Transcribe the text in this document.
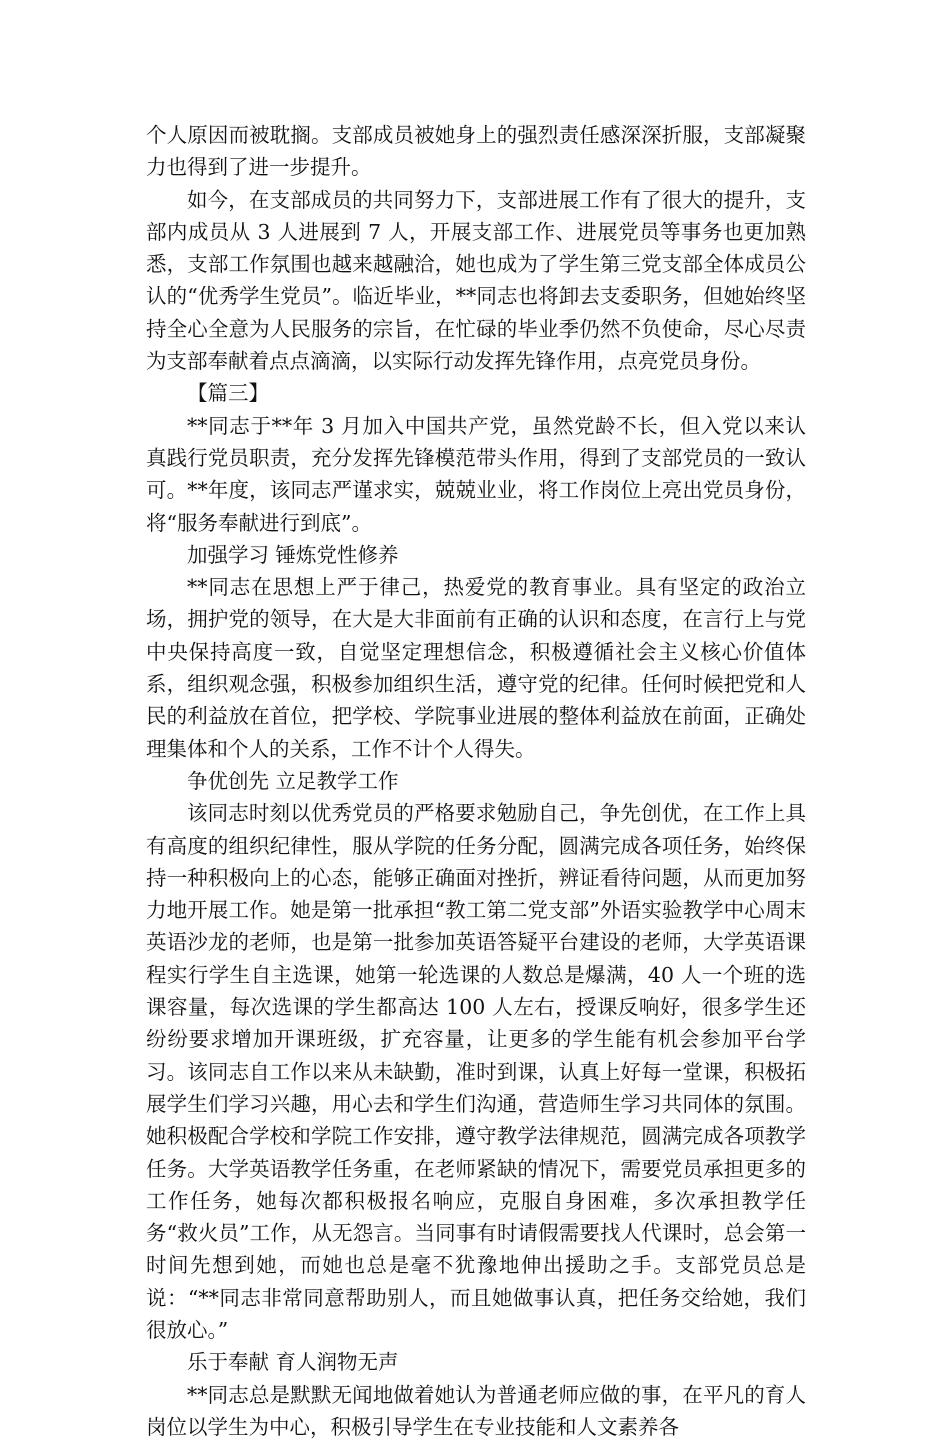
个人原因而被耽搁。支部成员被她身上的强烈责任感深深折服，支部凝聚力也得到了进一步提升。

如今，在支部成员的共同努力下，支部进展工作有了很大的提升，支部内成员从 3 人进展到 7 人，开展支部工作、进展党员等事务也更加熟悉，支部工作氛围也越来越融洽，她也成为了学生第三党支部全体成员公认的“优秀学生党员”。临近毕业，**同志也将卸去支委职务，但她始终坚持全心全意为人民服务的宗旨，在忙碌的毕业季仍然不负使命，尽心尽责为支部奉献着点点滴滴，以实际行动发挥先锋作用，点亮党员身份。

【篇三】

**同志于**年 3 月加入中国共产党，虽然党龄不长，但入党以来认真践行党员职责，充分发挥先锋模范带头作用，得到了支部党员的一致认可。**年度，该同志严谨求实，兢兢业业，将工作岗位上亮出党员身份，将“服务奉献进行到底”。

加强学习 锤炼党性修养

**同志在思想上严于律己，热爱党的教育事业。具有坚定的政治立场，拥护党的领导，在大是大非面前有正确的认识和态度，在言行上与党中央保持高度一致，自觉坚定理想信念，积极遵循社会主义核心价值体系，组织观念强，积极参加组织生活，遵守党的纪律。任何时候把党和人民的利益放在首位，把学校、学院事业进展的整体利益放在前面，正确处理集体和个人的关系，工作不计个人得失。

争优创先 立足教学工作

该同志时刻以优秀党员的严格要求勉励自己，争先创优，在工作上具有高度的组织纪律性，服从学院的任务分配，圆满完成各项任务，始终保持一种积极向上的心态，能够正确面对挫折，辨证看待问题，从而更加努力地开展工作。她是第一批承担“教工第二党支部”外语实验教学中心周末英语沙龙的老师，也是第一批参加英语答疑平台建设的老师，大学英语课程实行学生自主选课，她第一轮选课的人数总是爆满，40 人一个班的选课容量，每次选课的学生都高达 100 人左右，授课反响好，很多学生还纷纷要求增加开课班级，扩充容量，让更多的学生能有机会参加平台学习。该同志自工作以来从未缺勤，准时到课，认真上好每一堂课，积极拓展学生们学习兴趣，用心去和学生们沟通，营造师生学习共同体的氛围。她积极配合学校和学院工作安排，遵守教学法律规范，圆满完成各项教学任务。大学英语教学任务重，在老师紧缺的情况下，需要党员承担更多的工作任务，她每次都积极报名响应，克服自身困难，多次承担教学任务“救火员”工作，从无怨言。当同事有时请假需要找人代课时，总会第一时间先想到她，而她也总是毫不犹豫地伸出援助之手。支部党员总是说：“**同志非常同意帮助别人，而且她做事认真，把任务交给她，我们很放心。”

乐于奉献 育人润物无声

**同志总是默默无闻地做着她认为普通老师应做的事，在平凡的育人岗位以学生为中心，积极引导学生在专业技能和人文素养各
